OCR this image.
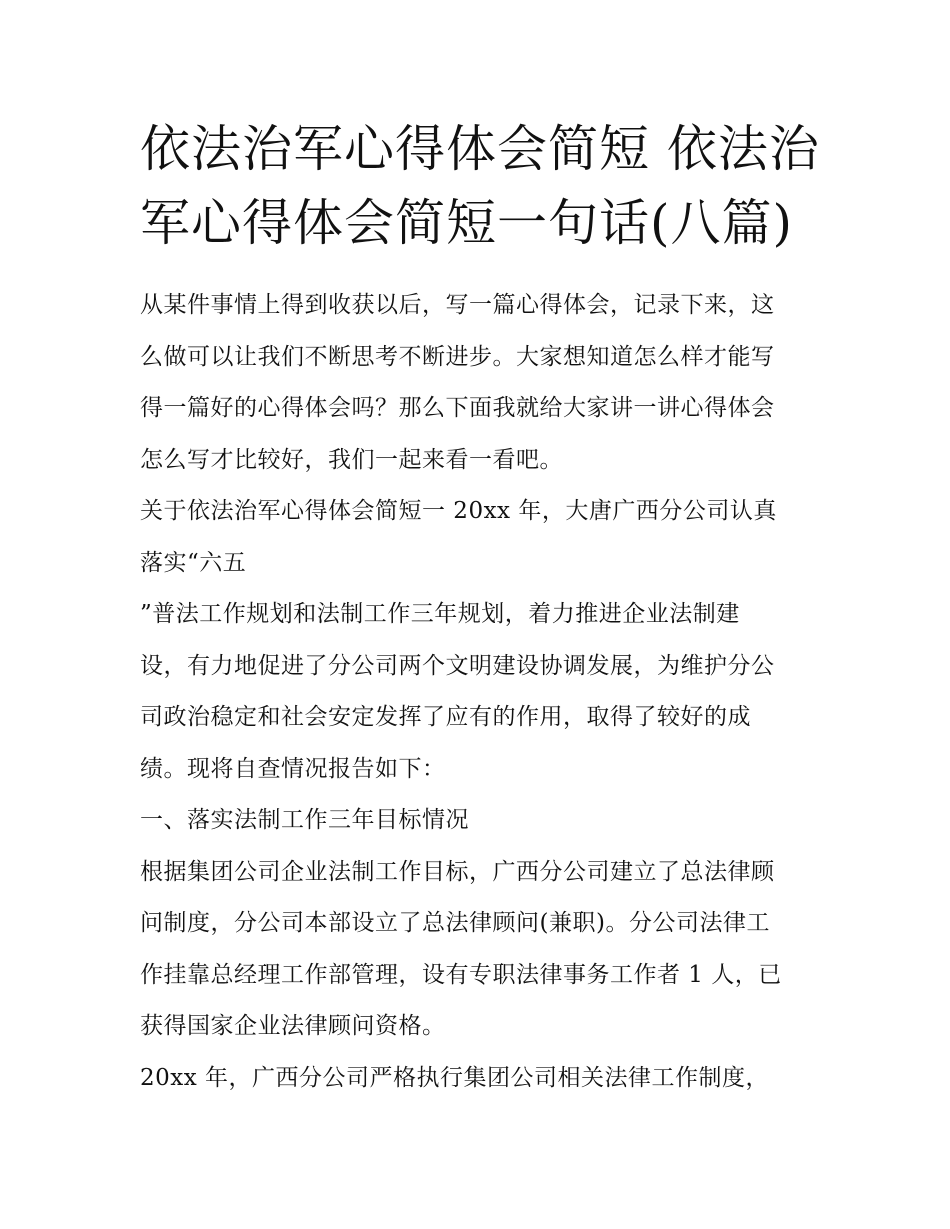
依法治军心得体会简短 依法治
军心得体会简短一句话(八篇)
从某件事情上得到收获以后，写一篇心得体会，记录下来，这
么做可以让我们不断思考不断进步。大家想知道怎么样才能写
得一篇好的心得体会吗？那么下面我就给大家讲一讲心得体会
怎么写才比较好，我们一起来看一看吧。
关于依法治军心得体会简短一 20xx 年，大唐广西分公司认真
落实“六五
”普法工作规划和法制工作三年规划，着力推进企业法制建
设，有力地促进了分公司两个文明建设协调发展，为维护分公
司政治稳定和社会安定发挥了应有的作用，取得了较好的成
绩。现将自查情况报告如下：
一、落实法制工作三年目标情况
根据集团公司企业法制工作目标，广西分公司建立了总法律顾
问制度，分公司本部设立了总法律顾问(兼职)。分公司法律工
作挂靠总经理工作部管理，设有专职法律事务工作者 1 人，已
获得国家企业法律顾问资格。
20xx 年，广西分公司严格执行集团公司相关法律工作制度，
